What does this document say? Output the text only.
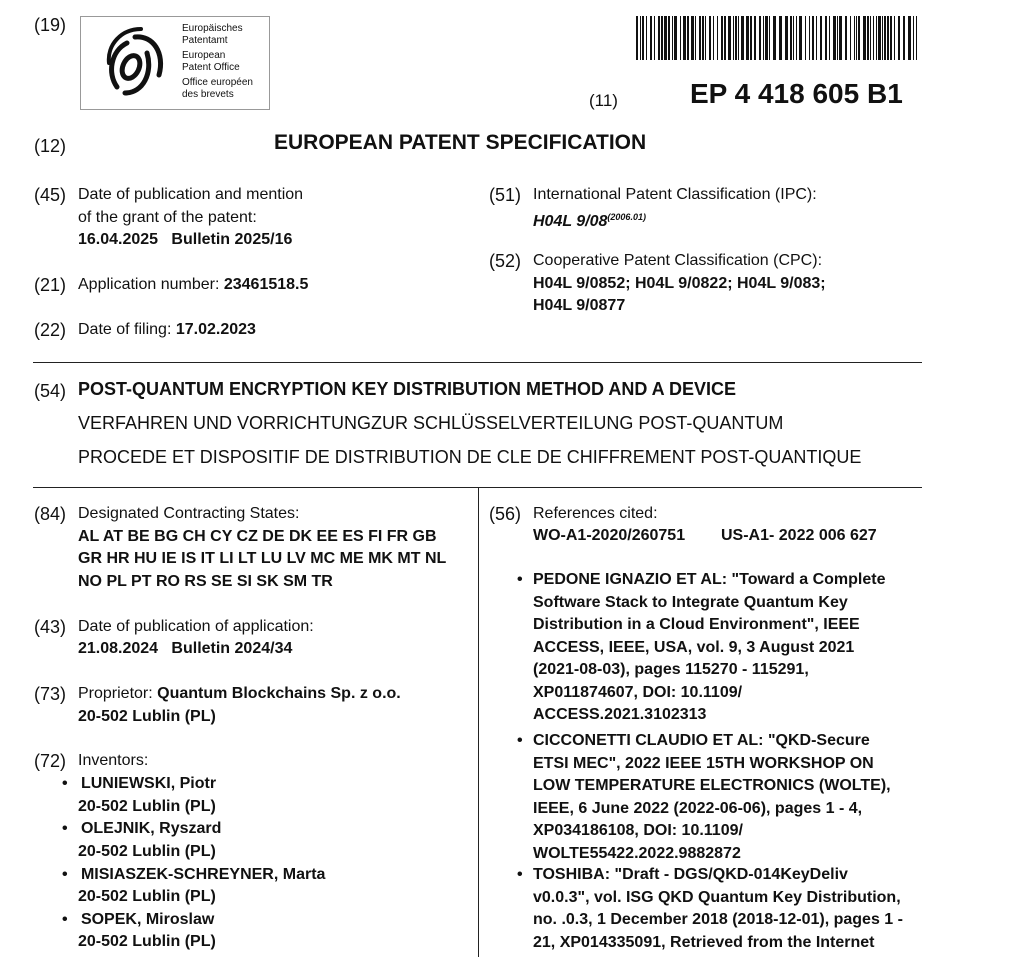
(19)	Europäisches
Patentamt
European
Patent Office
Office européen
des brevets	(11)	EP 4 418 605 B1
(12)	EUROPEAN PATENT SPECIFICATION
(45) Date of publication and mention
of the grant of the patent:
16.04.2025   Bulletin 2025/16
(21) Application number: 23461518.5
(22) Date of filing: 17.02.2023
(51) International Patent Classification (IPC):
H04L $9/08^{(2006.01)}$
(52) Cooperative Patent Classification (CPC):
H04L 9/0852; H04L 9/0822; H04L 9/083;
H04L 9/0877
(54) POST-QUANTUM ENCRYPTION KEY DISTRIBUTION METHOD AND A DEVICE
VERFAHREN UND VORRICHTUNGZUR SCHLÜSSELVERTEILUNG POST-QUANTUM
PROCEDE ET DISPOSITIF DE DISTRIBUTION DE CLE DE CHIFFREMENT POST-QUANTIQUE
(84) Designated Contracting States:
AL AT BE BG CH CY CZ DE DK EE ES FI FR GB
GR HR HU IE IS IT LI LT LU LV MC ME MK MT NL
NO PL PT RO RS SE SI SK SM TR
(43) Date of publication of application:
21.08.2024   Bulletin 2024/34
(73) Proprietor: Quantum Blockchains Sp. z o.o.
20-502 Lublin (PL)
(72) Inventors:
•   LUNIEWSKI, Piotr
20-502 Lublin (PL)
•   OLEJNIK, Ryszard
20-502 Lublin (PL)
•   MISIASZEK-SCHREYNER, Marta
20-502 Lublin (PL)
•   SOPEK, Miroslaw
20-502 Lublin (PL)
(56) References cited:
WO-A1-2020/260751 US-A1- 2022 006 627
• PEDONE IGNAZIO ET AL: "Toward a Complete
Software Stack to Integrate Quantum Key
Distribution in a Cloud Environment", IEEE
ACCESS, IEEE, USA, vol. 9, 3 August 2021
(2021-08-03), pages 115270 - 115291,
XP011874607, DOI: 10.1109/
ACCESS.2021.3102313
• CICCONETTI CLAUDIO ET AL: "QKD-Secure
ETSI MEC", 2022 IEEE 15TH WORKSHOP ON
LOW TEMPERATURE ELECTRONICS (WOLTE),
IEEE, 6 June 2022 (2022-06-06), pages 1 - 4,
XP034186108, DOI: 10.1109/
WOLTE55422.2022.9882872
• TOSHIBA: "Draft - DGS/QKD-014KeyDeliv
v0.0.3", vol. ISG QKD Quantum Key Distribution,
no. .0.3, 1 December 2018 (2018-12-01), pages 1 -
21, XP014335091, Retrieved from the Internet
